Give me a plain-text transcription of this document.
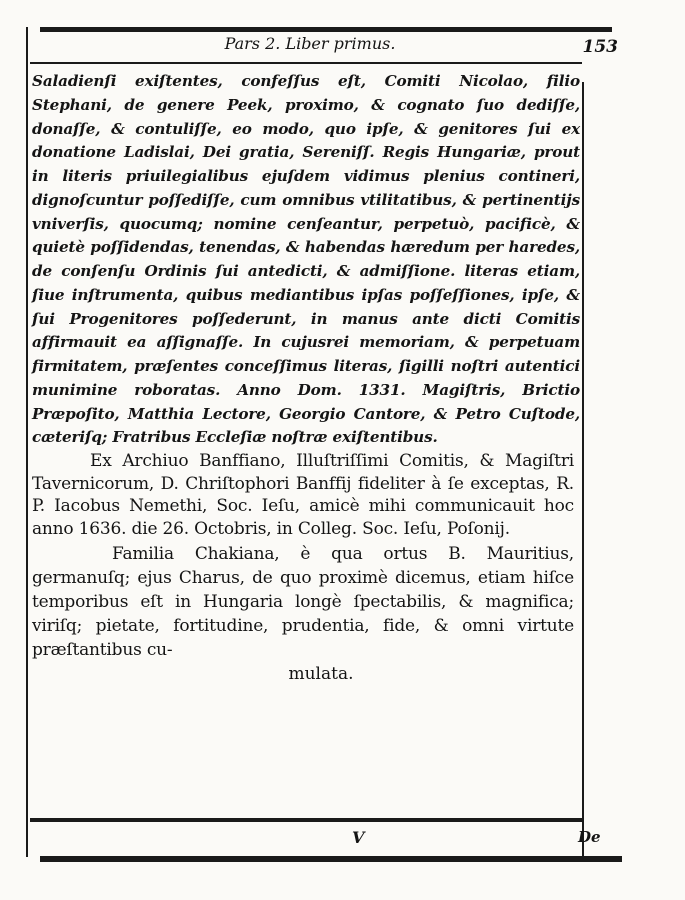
Pars 2. Liber primus.	153

Saladienſi exiſtentes, confeſſus eſt, Comiti Nicolao, filio Stephani, de genere Peek, proximo, & cognato ſuo dediſſe, donaſſe, & contuliſſe, eo modo, quo ipſe, & genitores ſui ex donatione Ladislai, Dei gratia, Sereniſſ. Regis Hungariæ, prout in literis priuilegialibus ejuſdem vidimus plenius contineri, dignoſcuntur poſſediſſe, cum omnibus vtilitatibus, & pertinentijs vniverſis, quocumq; nomine cenſeantur, perpetuò, pacificè, & quietè poſſidendas, tenendas, & habendas hæredum per haredes, de conſenſu Ordinis ſui antedicti, & admiſſione. literas etiam, ſiue inſtrumenta, quibus mediantibus ipſas poſſeſſiones, ipſe, & ſui Progenitores poſſederunt, in manus ante dicti Comitis affirmauit ea aſſignaſſe. In cujusrei memoriam, & perpetuam firmitatem, præſentes conceſſimus literas, ſigilli noſtri autentici munimine roboratas. Anno Dom. 1331. Magiſtris, Brictio Præpoſito, Matthia Lectore, Georgio Cantore, & Petro Cuſtode, cæteriſq; Fratribus Eccleſiæ noſtræ exiſtentibus.

Ex Archiuo Banffiano, Illuſtriſſimi Comitis, & Magiſtri Tavernicorum, D. Chriſtophori Banffij fideliter à ſe exceptas, R. P. Iacobus Nemethi, Soc. Ieſu, amicè mihi communicauit hoc anno 1636. die 26. Octobris, in Colleg. Soc. Ieſu, Poſonij.

Familia Chakiana, è qua ortus B. Mauritius, germanuſq; ejus Charus, de quo proximè dicemus, etiam hiſce temporibus eſt in Hungaria longè ſpectabilis, & magnifica; viriſq; pietate, fortitudine, prudentia, fide, & omni virtute præſtantibus cu-

mulata.
V	De
